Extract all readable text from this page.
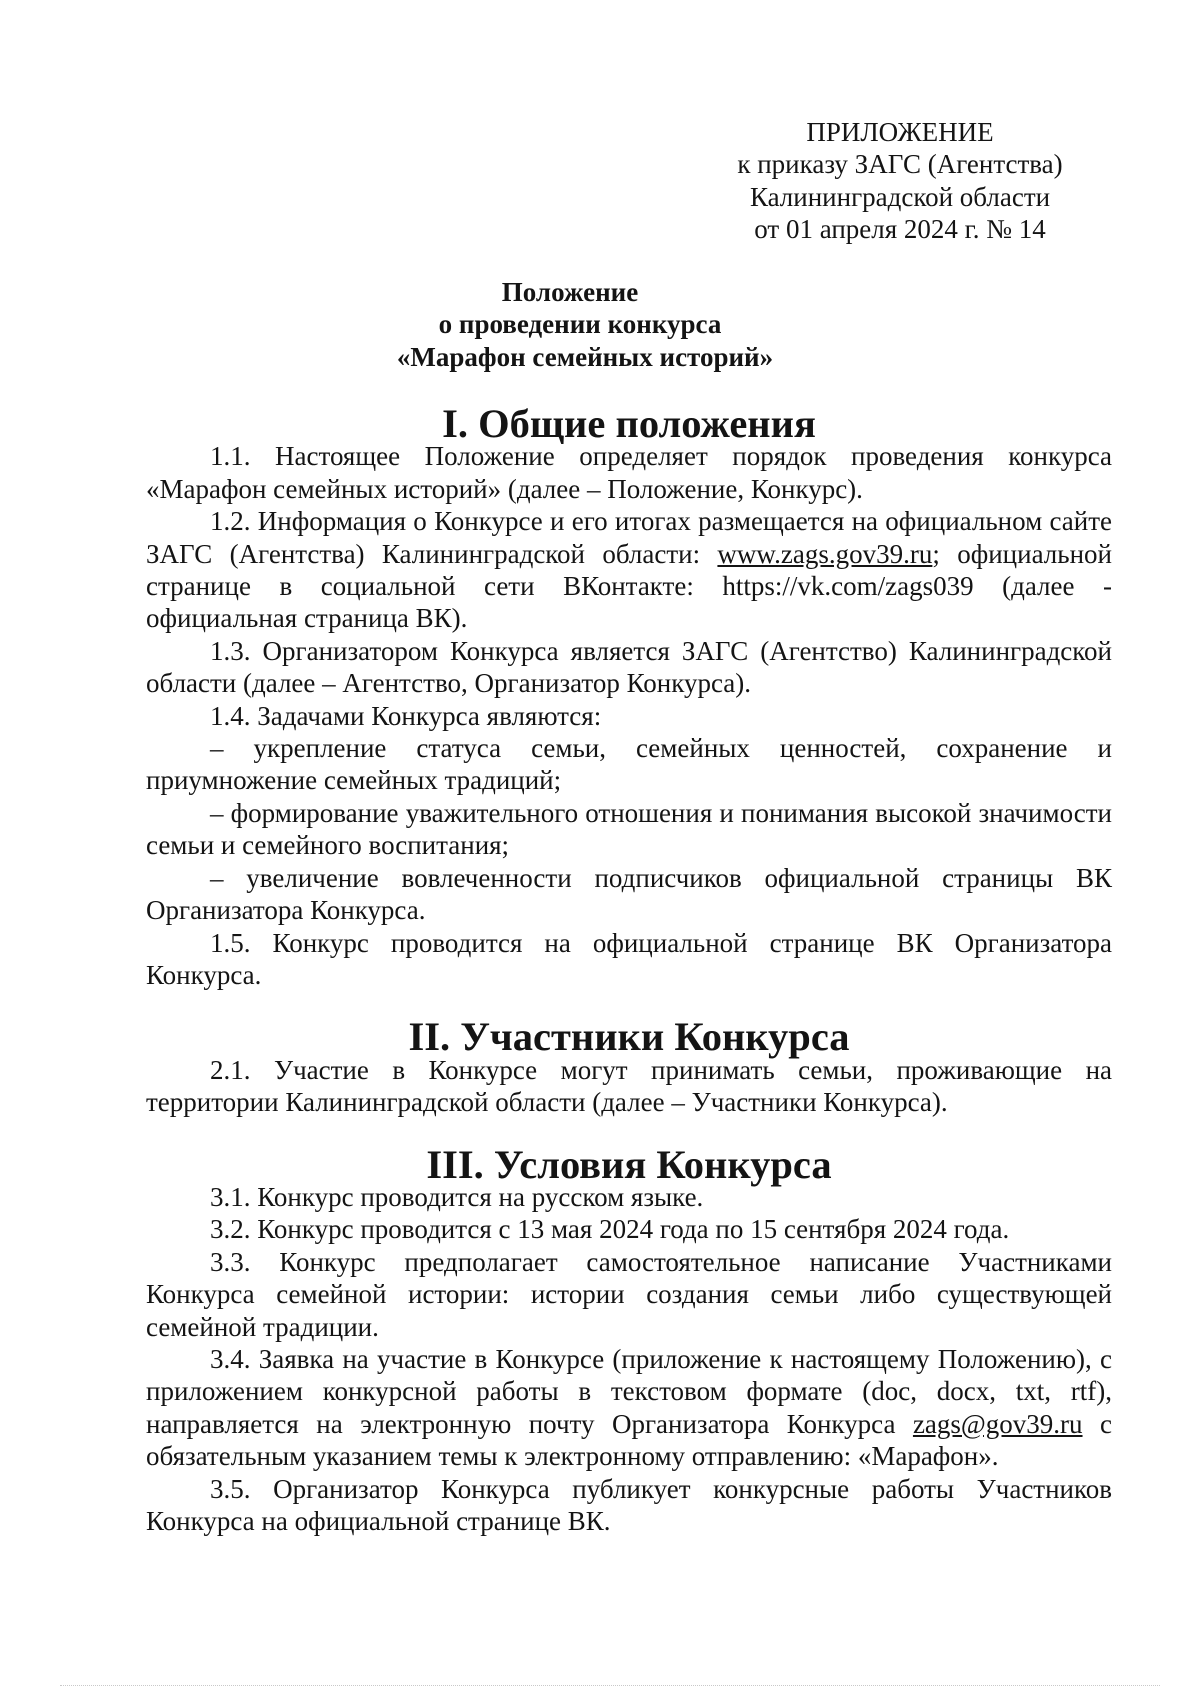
ПРИЛОЖЕНИЕ
к приказу ЗАГС (Агентства)
Калининградской области
от 01 апреля 2024 г. № 14
Положение
о проведении конкурса
«Марафон семейных историй»
I. Общие положения

1.1. Настоящее Положение определяет порядок проведения конкурса «Марафон семейных историй» (далее – Положение, Конкурс).

1.2. Информация о Конкурсе и его итогах размещается на официальном сайте ЗАГС (Агентства) Калининградской области: www.zags.gov39.ru; официальной странице в социальной сети ВКонтакте: https://vk.com/zags039 (далее - официальная страница ВК).

1.3. Организатором Конкурса является ЗАГС (Агентство) Калининградской области (далее – Агентство, Организатор Конкурса).

1.4. Задачами Конкурса являются:

– укрепление статуса семьи, семейных ценностей, сохранение и приумножение семейных традиций;

– формирование уважительного отношения и понимания высокой значимости семьи и семейного воспитания;

– увеличение вовлеченности подписчиков официальной страницы ВК Организатора Конкурса.

1.5. Конкурс проводится на официальной странице ВК Организатора Конкурса.

II. Участники Конкурса

2.1. Участие в Конкурсе могут принимать семьи, проживающие на территории Калининградской области (далее – Участники Конкурса).

III. Условия Конкурса

3.1. Конкурс проводится на русском языке.

3.2. Конкурс проводится с 13 мая 2024 года по 15 сентября 2024 года.

3.3. Конкурс предполагает самостоятельное написание Участниками Конкурса семейной истории: истории создания семьи либо существующей семейной традиции.

3.4. Заявка на участие в Конкурсе (приложение к настоящему Положению), с приложением конкурсной работы в текстовом формате (doc, docx, txt, rtf), направляется на электронную почту Организатора Конкурса zags@gov39.ru с обязательным указанием темы к электронному отправлению: «Марафон».

3.5. Организатор Конкурса публикует конкурсные работы Участников Конкурса на официальной странице ВК.
